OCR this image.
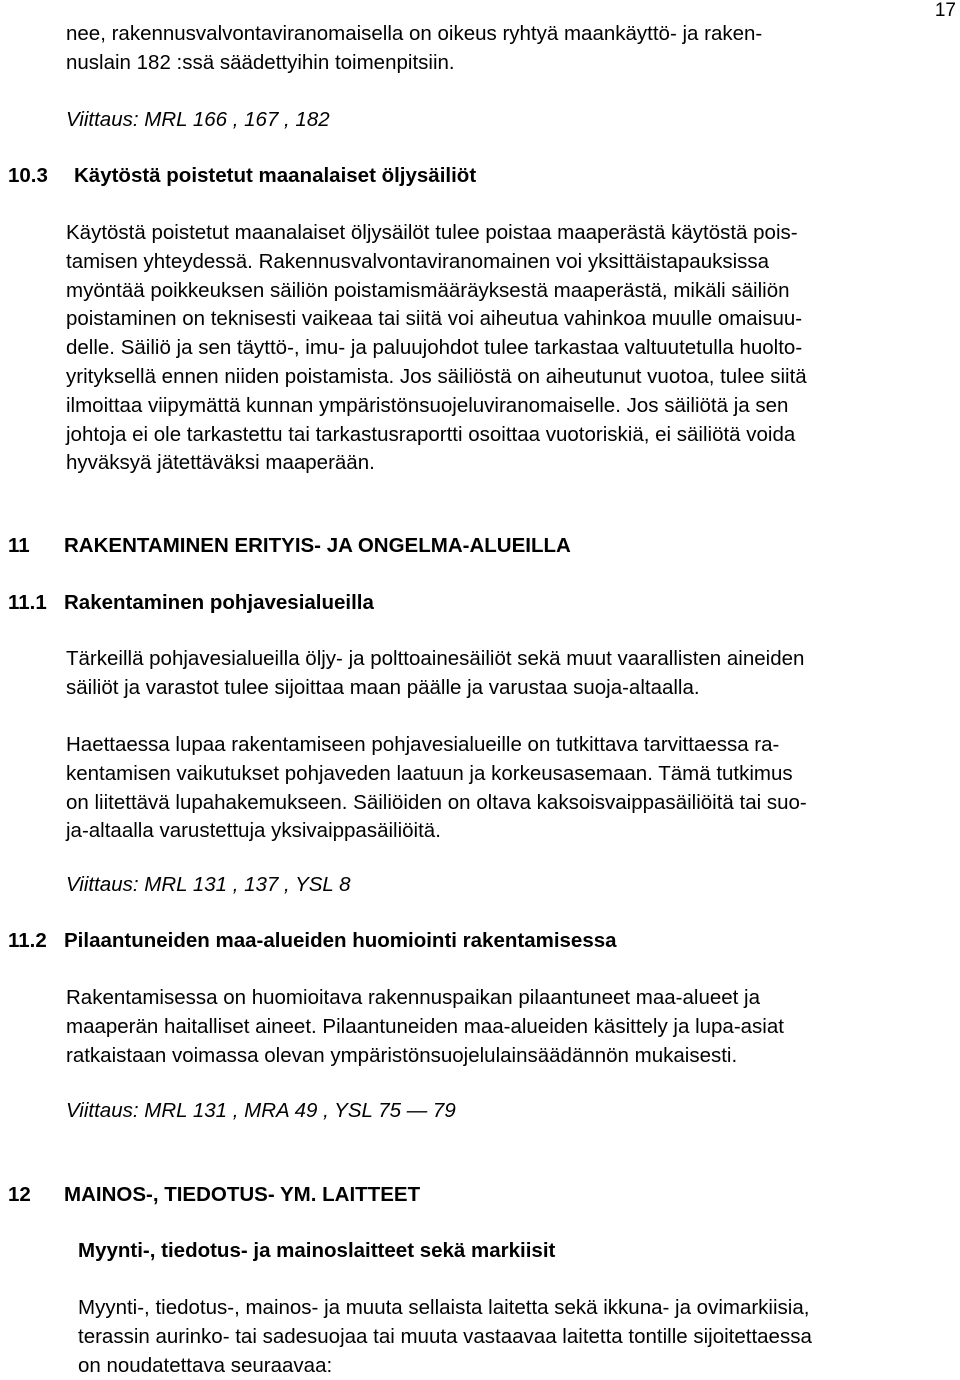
17
nee, rakennusvalvontaviranomaisella on oikeus ryhtyä maankäyttö- ja raken-
nuslain 182 :ssä säädettyihin toimenpitsiin.
Viittaus: MRL 166 , 167 , 182
10.3	Käytöstä poistetut maanalaiset öljysäiliöt
Käytöstä poistetut maanalaiset öljysäilöt tulee poistaa maaperästä käytöstä pois-
tamisen yhteydessä. Rakennusvalvontaviranomainen voi yksittäistapauksissa
myöntää poikkeuksen säiliön poistamismääräyksestä maaperästä, mikäli säiliön
poistaminen on teknisesti vaikeaa tai siitä voi aiheutua vahinkoa muulle omaisuu-
delle. Säiliö ja sen täyttö-, imu- ja paluujohdot tulee tarkastaa valtuutetulla huolto-
yrityksellä ennen niiden poistamista. Jos säiliöstä on aiheutunut vuotoa, tulee siitä
ilmoittaa viipymättä kunnan ympäristönsuojeluviranomaiselle. Jos säiliötä ja sen
johtoja ei ole tarkastettu tai tarkastusraportti osoittaa vuotoriskiä, ei säiliötä voida
hyväksyä jätettäväksi maaperään.
11	RAKENTAMINEN ERITYIS- JA ONGELMA-ALUEILLA
11.1 Rakentaminen pohjavesialueilla
Tärkeillä pohjavesialueilla öljy- ja polttoainesäiliöt sekä muut vaarallisten aineiden
säiliöt ja varastot tulee sijoittaa maan päälle ja varustaa suoja-altaalla.
Haettaessa lupaa rakentamiseen pohjavesialueille on tutkittava tarvittaessa ra-
kentamisen vaikutukset pohjaveden laatuun ja korkeusasemaan. Tämä tutkimus
on liitettävä lupahakemukseen. Säiliöiden on oltava kaksoisvaippasäiliöitä tai suo-
ja-altaalla varustettuja yksivaippasäiliöitä.
Viittaus: MRL 131 , 137 , YSL 8
11.2 Pilaantuneiden maa-alueiden huomiointi rakentamisessa
Rakentamisessa on huomioitava rakennuspaikan pilaantuneet maa-alueet ja
maaperän haitalliset aineet. Pilaantuneiden maa-alueiden käsittely ja lupa-asiat
ratkaistaan voimassa olevan ympäristönsuojelulainsäädännön mukaisesti.
Viittaus: MRL 131 , MRA 49 , YSL 75 — 79
12	MAINOS-, TIEDOTUS- YM. LAITTEET
Myynti-, tiedotus- ja mainoslaitteet sekä markiisit
Myynti-, tiedotus-, mainos- ja muuta sellaista laitetta sekä ikkuna- ja ovimarkiisia,
terassin aurinko- tai sadesuojaa tai muuta vastaavaa laitetta tontille sijoitettaessa
on noudatettava seuraavaa:
